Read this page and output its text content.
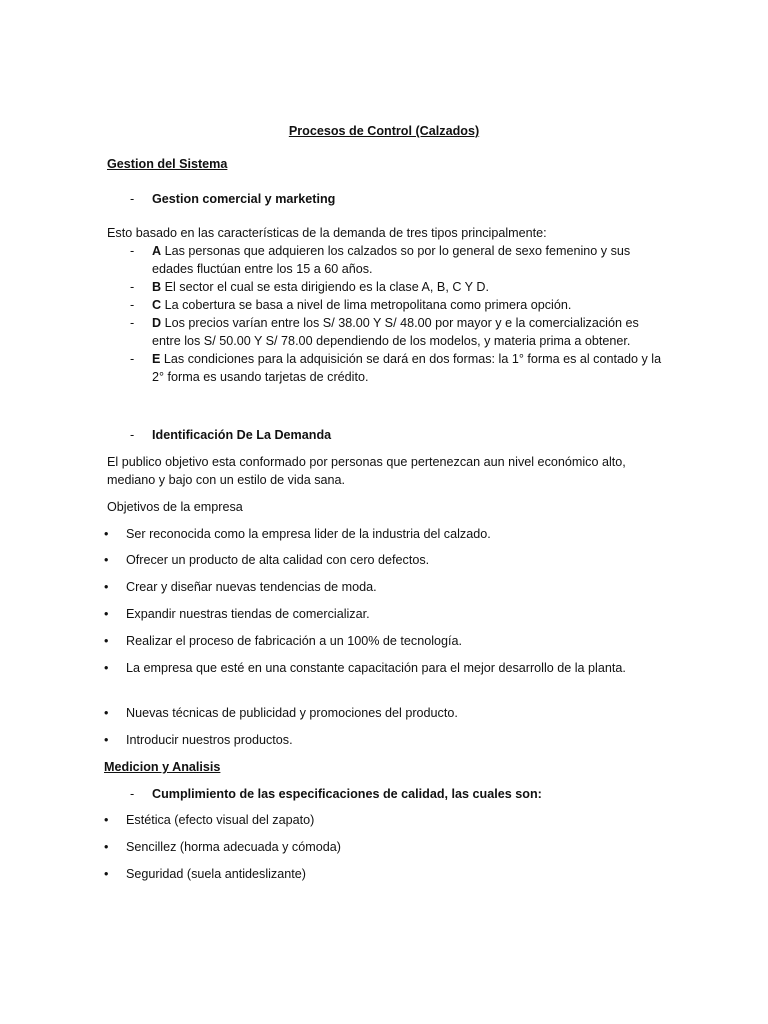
Procesos de Control (Calzados)
Gestion del Sistema
- Gestion comercial y marketing
Esto basado en las características de la demanda de tres tipos principalmente:
- A Las personas que adquieren los calzados so por lo general de sexo femenino y sus edades fluctúan entre los 15 a 60 años.
- B El sector el cual se esta dirigiendo es la clase A, B, C Y D.
- C La cobertura se basa a nivel de lima metropolitana como primera opción.
- D Los precios varían entre los S/ 38.00 Y S/ 48.00 por mayor y e la comercialización es entre los S/ 50.00 Y S/ 78.00 dependiendo de los modelos, y materia prima a obtener.
- E Las condiciones para la adquisición se dará en dos formas: la 1° forma es al contado y la 2° forma es usando tarjetas de crédito.
- Identificación De La Demanda
El publico objetivo esta conformado por personas que pertenezcan aun nivel económico alto, mediano y bajo con un estilo de vida sana.
Objetivos de la empresa
•	Ser reconocida como la empresa lider de la industria del calzado.
•	Ofrecer un producto de alta calidad con cero defectos.
•	Crear y diseñar nuevas tendencias de moda.
•	Expandir nuestras tiendas de comercializar.
•	Realizar el proceso de fabricación a un 100% de tecnología.
•	La empresa que esté en una constante capacitación para el mejor desarrollo de la planta.
•	Nuevas técnicas de publicidad y promociones del producto.
•	Introducir nuestros productos.
Medicion y Analisis
- Cumplimiento de las especificaciones de calidad, las cuales son:
•	Estética (efecto visual del zapato)
•	Sencillez (horma adecuada y cómoda)
•	Seguridad (suela antideslizante)
